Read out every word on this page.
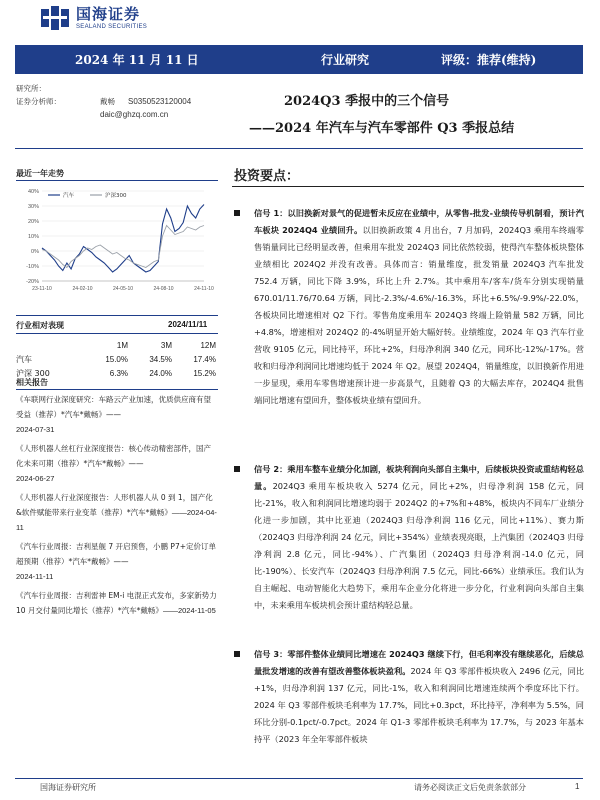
国海证券
SEALAND SECURITIES
2024 年 11 月 11 日	行业研究	评级：推荐(维持)
研究所：
证券分析师：	戴畅	S0350523120004
daic@ghzq.com.cn
2024Q3 季报中的三个信号
——2024 年汽车与汽车零部件 Q3 季报总结
最近一年走势
40%
30%
20%
10%
0%
-10%
-20%
23-11-10	24-02-10	24-05-10	24-08-10	24-11-10
汽车	沪深300
行业相对表现	2024/11/11
	1M	3M	12M
汽车	15.0%	34.5%	17.4%
沪深 300	6.3%	24.0%	15.2%
相关报告
《车联网行业深度研究：车路云产业加速，优质供应商有望受益（推荐）*汽车*戴畅》——
2024-07-31
《人形机器人丝杠行业深度报告：核心传动精密部件，国产化未来可期（推荐）*汽车*戴畅》——
2024-06-27
《人形机器人行业深度报告：人形机器人从 0 到 1，国产化&软件赋能带来行业变革（推荐）*汽车*戴畅》——2024-04-11
《汽车行业周报：吉利星舰 7 开启预售，小鹏 P7+定价订单超预期（推荐）*汽车*戴畅》——
2024-11-11
《汽车行业周报：吉利雷神 EM-i 电混正式发布，多家新势力 10 月交付量同比增长（推荐）*汽车*戴畅》——2024-11-05
投资要点：
信号 1：以旧换新对景气的促进暂未反应在业绩中，从零售-批发-业绩传导机制看，预计汽车板块 2024Q4 业绩回升。以旧换新政策 4 月出台，7 月加码，2024Q3 乘用车终端零售销量同比已经明显改善，但乘用车批发 2024Q3 同比依然较弱，使得汽车整体板块整体业绩相比 2024Q2 并没有改善。具体而言：销量维度，批发销量 2024Q3 汽车批发 752.4 万辆，同比下降 3.9%，环比上升 2.7%。其中乘用车/客车/货车分别实现销量 670.01/11.76/70.64 万辆，同比-2.3%/-4.6%/-16.3%，环比+6.5%/-9.9%/-22.0%，各板块同比增速相对 Q2 下行。零售角度乘用车 2024Q3 终端上险销量 582 万辆，同比+4.8%，增速相对 2024Q2 的-4%明显开始大幅好转。业绩维度，2024 年 Q3 汽车行业营收 9105 亿元，同比持平，环比+2%，归母净利润 340 亿元，同环比-12%/-17%。营收和归母净利润同比增速均低于 2024 年 Q2。展望 2024Q4，销量维度，以旧换新作用进一步显现，乘用车零售增速预计进一步高景气，且随着 Q3 的大幅去库存，2024Q4 批售端同比增速有望回升，整体板块业绩有望回升。
信号 2：乘用车整车业绩分化加剧，板块利润向头部自主集中，后续板块投资或重结构轻总量。2024Q3 乘用车板块收入 5274 亿元，同比+2%，归母净利润 158 亿元，同比-21%，收入和利润同比增速均弱于 2024Q2 的+7%和+48%，板块内不同车厂业绩分化进一步加剧，其中比亚迪（2024Q3 归母净利润 116 亿元，同比+11%）、赛力斯（2024Q3 归母净利润 24 亿元，同比+354%）业绩表现亮眼，上汽集团（2024Q3 归母净利润 2.8 亿元，同比-94%）、广汽集团（2024Q3 归母净利润-14.0 亿元，同比-190%）、长安汽车（2024Q3 归母净利润 7.5 亿元，同比-66%）业绩承压。我们认为自主崛起、电动智能化大趋势下，乘用车企业分化将进一步分化，行业利润向头部自主集中，未来乘用车板块机会预计重结构轻总量。
信号 3：零部件整体业绩同比增速在 2024Q3 继续下行，但毛利率没有继续恶化，后续总量批发增速的改善有望改善整体板块盈利。2024 年 Q3 零部件板块收入 2496 亿元，同比+1%，归母净利润 137 亿元，同比-1%，收入和利润同比增速连续两个季度环比下行。2024 年 Q3 零部件板块毛利率为 17.7%，同比+0.3pct，环比持平，净利率为 5.5%，同环比分别-0.1pct/-0.7pct。2024 年 Q1-3 零部件板块毛利率为 17.7%，与 2023 年基本持平（2023 年全年零部件板块
国海证券研究所	请务必阅读正文后免责条款部分	1
